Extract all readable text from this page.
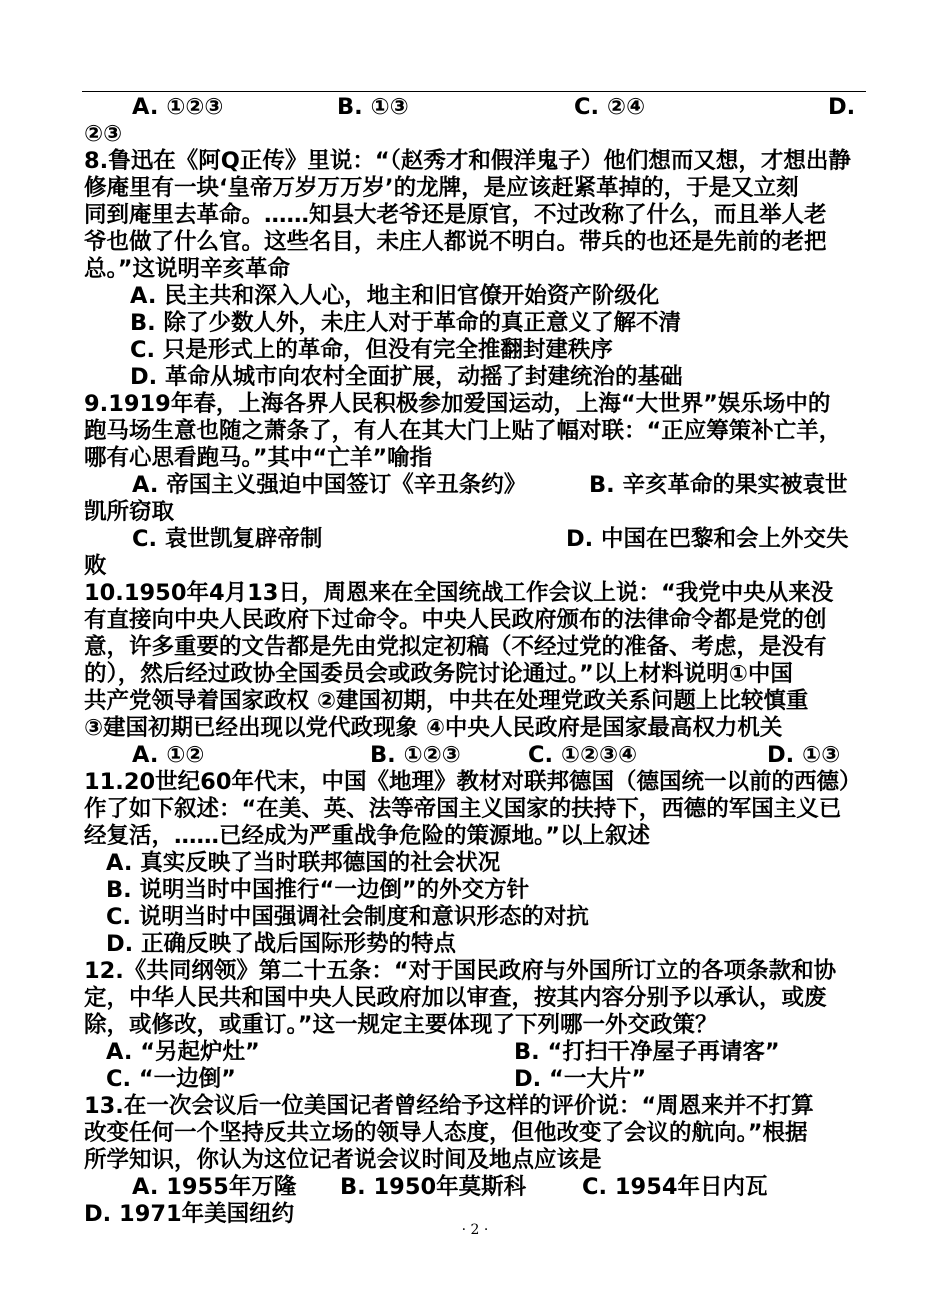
A. ①②③	B. ①③	C. ②④	D.
②③
8.鲁迅在《阿Q正传》里说：“（赵秀才和假洋鬼子）他们想而又想，才想出静
修庵里有一块‘皇帝万岁万万岁’的龙牌，是应该赶紧革掉的，于是又立刻
同到庵里去革命。……知县大老爷还是原官，不过改称了什么，而且举人老
爷也做了什么官。这些名目，未庄人都说不明白。带兵的也还是先前的老把
总。”这说明辛亥革命
A. 民主共和深入人心，地主和旧官僚开始资产阶级化
B. 除了少数人外，未庄人对于革命的真正意义了解不清
C. 只是形式上的革命，但没有完全推翻封建秩序
D. 革命从城市向农村全面扩展，动摇了封建统治的基础
9.1919年春，上海各界人民积极参加爱国运动，上海“大世界”娱乐场中的
跑马场生意也随之萧条了，有人在其大门上贴了幅对联：“正应筹策补亡羊，
哪有心思看跑马。”其中“亡羊”喻指
A. 帝国主义强迫中国签订《辛丑条约》	B. 辛亥革命的果实被袁世
凯所窃取
C. 袁世凯复辟帝制	D. 中国在巴黎和会上外交失
败
10.1950年4月13日，周恩来在全国统战工作会议上说：“我党中央从来没
有直接向中央人民政府下过命令。中央人民政府颁布的法律命令都是党的创
意，许多重要的文告都是先由党拟定初稿（不经过党的准备、考虑，是没有
的），然后经过政协全国委员会或政务院讨论通过。”以上材料说明①中国
共产党领导着国家政权 ②建国初期，中共在处理党政关系问题上比较慎重
③建国初期已经出现以党代政现象 ④中央人民政府是国家最高权力机关
A. ①②	B. ①②③	C. ①②③④	D. ①③
11.20世纪60年代末，中国《地理》教材对联邦德国（德国统一以前的西德）
作了如下叙述：“在美、英、法等帝国主义国家的扶持下，西德的军国主义已
经复活，……已经成为严重战争危险的策源地。”以上叙述
A. 真实反映了当时联邦德国的社会状况
B. 说明当时中国推行“一边倒”的外交方针
C. 说明当时中国强调社会制度和意识形态的对抗
D. 正确反映了战后国际形势的特点
12.《共同纲领》第二十五条：“对于国民政府与外国所订立的各项条款和协
定，中华人民共和国中央人民政府加以审查，按其内容分别予以承认，或废
除，或修改，或重订。”这一规定主要体现了下列哪一外交政策？
A. “另起炉灶”	B. “打扫干净屋子再请客”
C. “一边倒”	D. “一大片”
13.在一次会议后一位美国记者曾经给予这样的评价说：“周恩来并不打算
改变任何一个坚持反共立场的领导人态度，但他改变了会议的航向。”根据
所学知识，你认为这位记者说会议时间及地点应该是
A. 1955年万隆 B. 1950年莫斯科 C. 1954年日内瓦
D. 1971年美国纽约
· 2 ·
